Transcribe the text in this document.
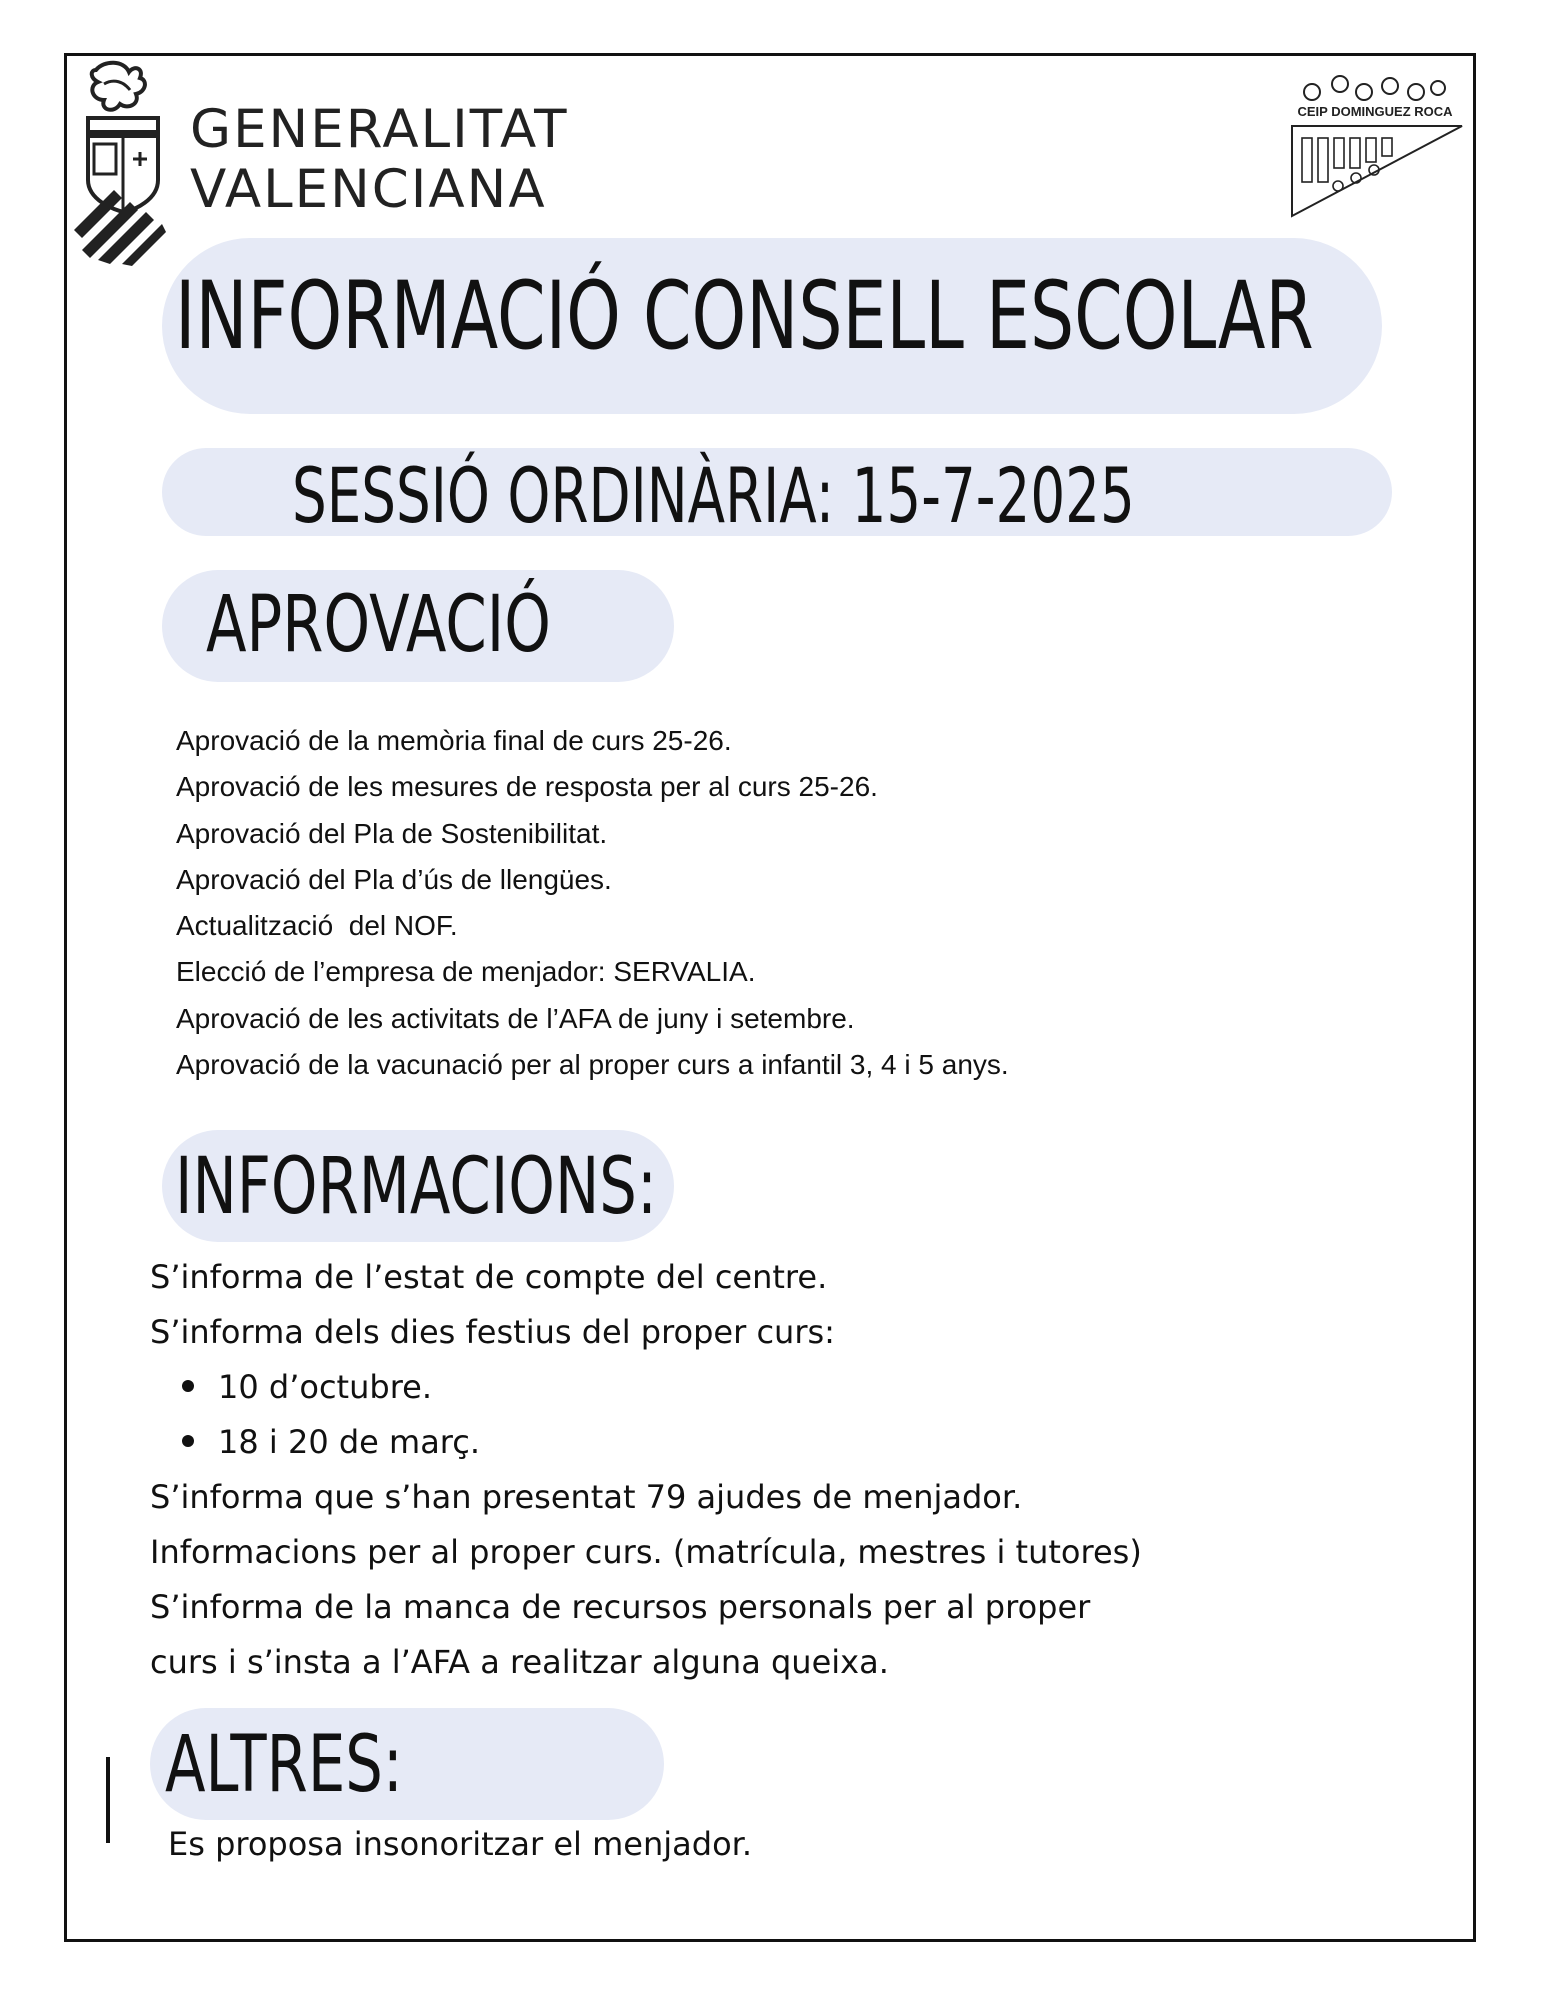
GENERALITAT
VALENCIANA
CEIP DOMINGUEZ ROCA
INFORMACIÓ CONSELL ESCOLAR
SESSIÓ ORDINÀRIA: 15-7-2025
APROVACIÓ
Aprovació de la memòria final de curs 25-26.
Aprovació de les mesures de resposta per al curs 25-26.
Aprovació del Pla de Sostenibilitat.
Aprovació del Pla d’ús de llengües.
Actualització  del NOF.
Elecció de l’empresa de menjador: SERVALIA.
Aprovació de les activitats de l’AFA de juny i setembre.
Aprovació de la vacunació per al proper curs a infantil 3, 4 i 5 anys.
INFORMACIONS:
S’informa de l’estat de compte del centre.
S’informa dels dies festius del proper curs:
10 d’octubre.
18 i 20 de març.
S’informa que s’han presentat 79 ajudes de menjador.
Informacions per al proper curs. (matrícula, mestres i tutores)
S’informa de la manca de recursos personals per al proper
curs i s’insta a l’AFA a realitzar alguna queixa.
ALTRES:
Es proposa insonoritzar el menjador.
